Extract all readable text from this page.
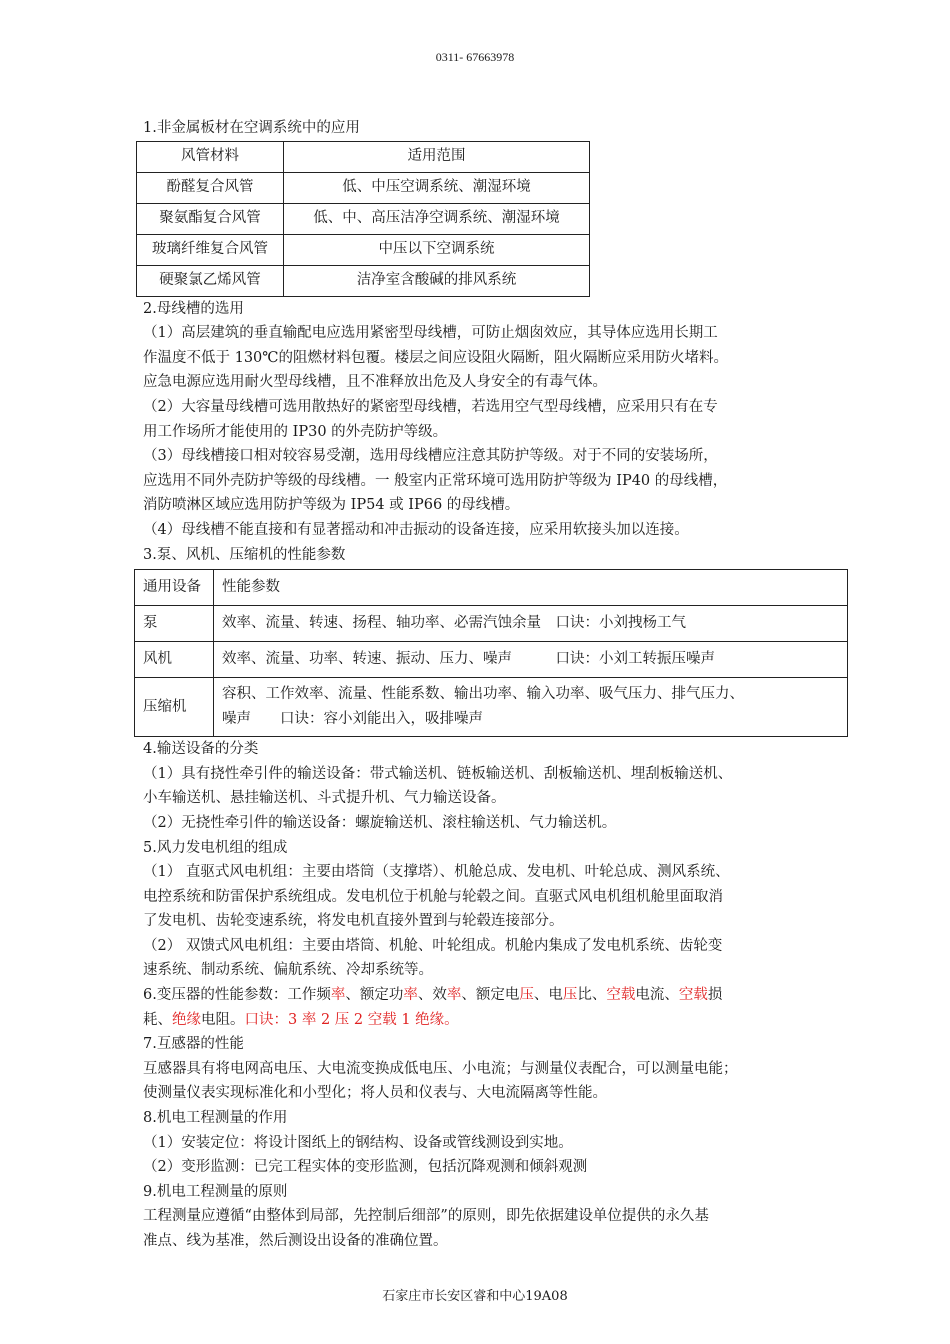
0311- 67663978

1.非金属板材在空调系统中的应用

风管材料	适用范围
酚醛复合风管	低、中压空调系统、潮湿环境
聚氨酯复合风管	低、中、高压洁净空调系统、潮湿环境
玻璃纤维复合风管	中压以下空调系统
硬聚氯乙烯风管	洁净室含酸碱的排风系统

2.母线槽的选用

（1）高层建筑的垂直输配电应选用紧密型母线槽，可防止烟囱效应，其导体应选用长期工
作温度不低于 130℃的阻燃材料包覆。楼层之间应设阻火隔断，阻火隔断应采用防火堵料。
应急电源应选用耐火型母线槽，且不准释放出危及人身安全的有毒气体。

（2）大容量母线槽可选用散热好的紧密型母线槽，若选用空气型母线槽，应采用只有在专
用工作场所才能使用的 IP30 的外壳防护等级。

（3）母线槽接口相对较容易受潮，选用母线槽应注意其防护等级。对于不同的安装场所，
应选用不同外壳防护等级的母线槽。一 般室内正常环境可选用防护等级为 IP40 的母线槽，
消防喷淋区域应选用防护等级为 IP54 或 IP66 的母线槽。

（4）母线槽不能直接和有显著摇动和冲击振动的设备连接，应采用软接头加以连接。

3.泵、风机、压缩机的性能参数

通用设备	性能参数
泵	效率、流量、转速、扬程、轴功率、必需汽蚀余量　口诀：小刘拽杨工气
风机	效率、流量、功率、转速、振动、压力、噪声　　　口诀：小刘工转振压噪声
压缩机	容积、工作效率、流量、性能系数、输出功率、输入功率、吸气压力、排气压力、
噪声　　口诀：容小刘能出入，吸排噪声

4.输送设备的分类

（1）具有挠性牵引件的输送设备：带式输送机、链板输送机、刮板输送机、埋刮板输送机、
小车输送机、悬挂输送机、斗式提升机、气力输送设备。

（2）无挠性牵引件的输送设备：螺旋输送机、滚柱输送机、气力输送机。

5.风力发电机组的组成

（1） 直驱式风电机组：主要由塔筒（支撑塔）、机舱总成、发电机、叶轮总成、测风系统、
电控系统和防雷保护系统组成。发电机位于机舱与轮毂之间。直驱式风电机组机舱里面取消
了发电机、齿轮变速系统，将发电机直接外置到与轮毂连接部分。

（2） 双馈式风电机组：主要由塔筒、机舱、叶轮组成。机舱内集成了发电机系统、齿轮变
速系统、制动系统、偏航系统、冷却系统等。

6.变压器的性能参数：工作频率、额定功率、效率、额定电压、电压比、空载电流、空载损
耗、绝缘电阻。口诀：3 率 2 压 2 空载 1 绝缘。

7.互感器的性能

互感器具有将电网高电压、大电流变换成低电压、小电流；与测量仪表配合，可以测量电能；
使测量仪表实现标准化和小型化；将人员和仪表与、大电流隔离等性能。

8.机电工程测量的作用

（1）安装定位：将设计图纸上的钢结构、设备或管线测设到实地。

（2）变形监测：已完工程实体的变形监测，包括沉降观测和倾斜观测

9.机电工程测量的原则

工程测量应遵循“由整体到局部，先控制后细部”的原则，即先依据建设单位提供的永久基
准点、线为基准，然后测设出设备的准确位置。

石家庄市长安区睿和中心19A08
